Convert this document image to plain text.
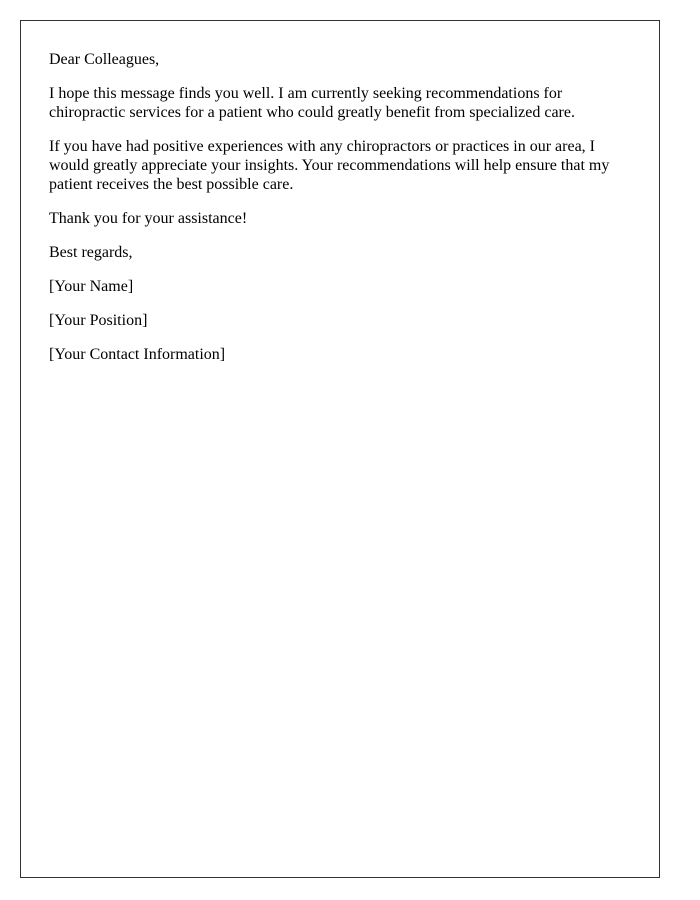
Dear Colleagues,

I hope this message finds you well. I am currently seeking recommendations for chiropractic services for a patient who could greatly benefit from specialized care.

If you have had positive experiences with any chiropractors or practices in our area, I would greatly appreciate your insights. Your recommendations will help ensure that my patient receives the best possible care.

Thank you for your assistance!

Best regards,

[Your Name]

[Your Position]

[Your Contact Information]
